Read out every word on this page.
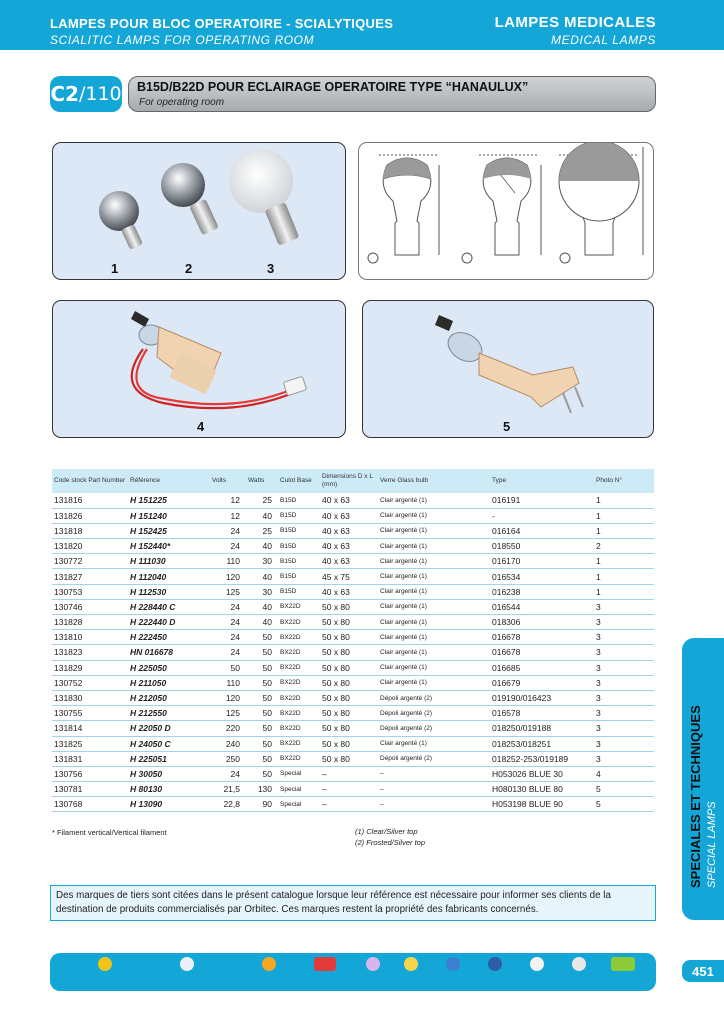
LAMPES POUR BLOC OPERATOIRE - SCIALYTIQUES
SCIALITIC LAMPS FOR OPERATING ROOM
LAMPES MEDICALES
MEDICAL LAMPS
C2 /110 B15D/B22D POUR ECLAIRAGE OPERATOIRE TYPE “HANAULUX”
For operating room
1	2	3
4	5
Code stock Part Number	Référence	Volts	Watts	Culot Base	Dimensions D x L (mm)	Verre Glass bulb	Type	Photo N°
131816	H 151225	12	25	B15D	40 x 63	Clair argenté (1)	016191	1
131826	H 151240	12	40	B15D	40 x 63	Clair argenté (1)	-	1
131818	H 152425	24	25	B15D	40 x 63	Clair argenté (1)	016164	1
131820	H 152440*	24	40	B15D	40 x 63	Clair argenté (1)	018550	2
130772	H 111030	110	30	B15D	40 x 63	Clair argenté (1)	016170	1
131827	H 112040	120	40	B15D	45 x 75	Clair argenté (1)	016534	1
130753	H 112530	125	30	B15D	40 x 63	Clair argenté (1)	016238	1
130746	H 228440 C	24	40	BX22D	50 x 80	Clair argenté (1)	016544	3
131828	H 222440 D	24	40	BX22D	50 x 80	Clair argenté (1)	018306	3
131810	H 222450	24	50	BX22D	50 x 80	Clair argenté (1)	016678	3
131823	HN 016678	24	50	BX22D	50 x 80	Clair argenté (1)	016678	3
131829	H 225050	50	50	BX22D	50 x 80	Clair argenté (1)	016685	3
130752	H 211050	110	50	BX22D	50 x 80	Clair argenté (1)	016679	3
131830	H 212050	120	50	BX22D	50 x 80	Dépoli argenté (2)	019190/016423	3
130755	H 212550	125	50	BX22D	50 x 80	Dépoli argenté (2)	016578	3
131814	H 22050 D	220	50	BX22D	50 x 80	Dépoli argenté (2)	018250/019188	3
131825	H 24050 C	240	50	BX22D	50 x 80	Clair argenté (1)	018253/018251	3
131831	H 225051	250	50	BX22D	50 x 80	Dépoli argenté (2)	018252-253/019189	3
130756	H 30050	24	50	Special	–	–	H053026 BLUE 30	4
130781	H 80130	21,5	130	Special	–	–	H080130 BLUE 80	5
130768	H 13090	22,8	90	Special	–	–	H053198 BLUE 90	5
* Filament vertical/Vertical filament	(1) Clear/Silver top
(2) Frosted/Silver top
Des marques de tiers sont citées dans le présent catalogue lorsque leur référence est nécessaire pour informer ses clients de la destination de produits commercialisés par Orbitec. Ces marques restent la propriété des fabricants concernés.
SPECIALES ET TECHNIQUES SPECIAL LAMPS
451
